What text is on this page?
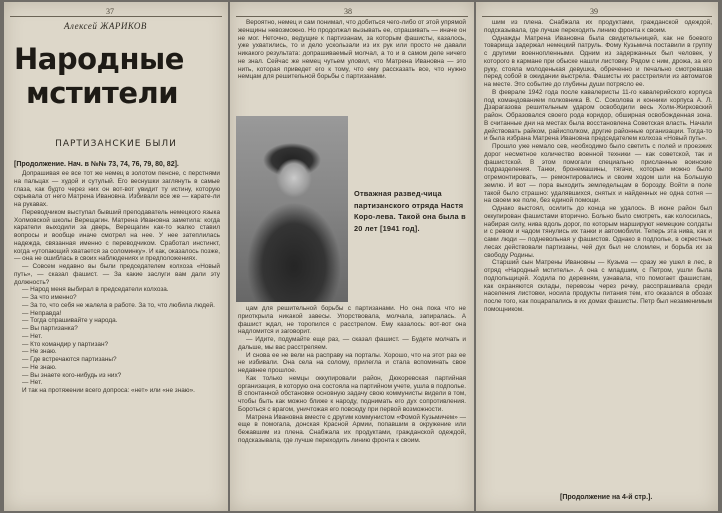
37
Алексей ЖАРИКОВ
Народные
мстители
ПАРТИЗАНСКИЕ БЫЛИ
[Продолжение. Нач. в №№ 73, 74, 76, 79, 80, 82].

Допрашивая ее все тот же немец в золотом пенсне, с перстнями на пальцах — худой и сутулый. Его веснушки заглянуть в самые глаза, как будто через них он вот-вот увидит ту истину, которую скрывала от него Матрена Ивановна. Избивали все же — карате-ли на рукавах.

Переводчиком выступал бывший преподаватель немецкого языка Холмовской школы Верещагин. Матрена Ивановна заметила: когда каратели выходили за дверь, Верещагин как-то жалко ставил вопросы и вообще иначе смотрел на нее. У нее затеплилась надежда, связанная именно с переводчиком. Сработал инстинкт, когда «утопающий хватается за соломинку». И как, оказалось позже, — она не ошиблась в своих наблюдениях и предположениях.

— Совсем недавно вы были председателем колхоза «Новый путь», — сказал фашист. — За какие заслуги вам дали эту должность?

— Народ меня выбирал в председатели колхоза.

— За что именно?

— За то, что себя не жалела в работе. За то, что любила людей.

— Неправда!

— Тогда спрашивайте у народа.

— Вы партизанка?

— Нет.

— Кто командир у партизан?

— Не знаю.

— Где встречаются партизаны?

— Не знаю.

— Вы знаете кого-нибудь из них?

— Нет.

И так на протяжении всего допроса: «нет» или «не знаю».

38

Вероятно, немец и сам понимал, что добиться чего-либо от этой упрямой женщины невозможно. Но продолжал вызывать ее, спрашивать — иначе он не мог. Неточно, ведущие к партизанам, за которым фашисты, казалось, уже ухватились, то и дело ускользали из их рук или просто не давали никакого результата: допрашиваемый молчал, а то и в самом деле ничего не знал. Сейчас же немец чутьем уловил, что Матрена Ивановна — это нить, которая приведет его к тому, что ему рассказать все, что нужно немцам для решительной борьбы с партизанами.

Отважная развед-чица партизанского отряда Настя Коро-лева. Такой она была в 20 лет [1941 год].

цам для решительной борьбы с партизанами. Но она пока что не приоткрыла никакой завесы. Упорствовала, молчала, запиралась. А фашист ждал, не торопился с расстрелом. Ему казалось: вот-вот она надломится и заговорит.

— Идите, подумайте еще раз, — сказал фашист. — Будете молчать и дальше, мы вас расстреляем.

И снова ее не вели на расправу на порталы. Хорошо, что на этот раз ее не избивали. Она села на солому, прилегла и стала вспоминать свое недавнее прошлое.

Как только немцы оккупировали район, Дюкоревская партийная организация, в которую она состояла на партийном учете, ушла в подполье. В спонтанной обстановке основную задачу свою коммунисты видели в том, чтобы быть как можно ближе к народу, поднимать его дух сопротивления. Бороться с врагом, уничтожая его повсюду при первой возможности.

Матрена Ивановна вместе с другим коммунистом «Фомой Кузьмичем» — еще в помогала, донская Красной Армии, попавшим в окружение или бежавшим из плена. Снабжала их продуктами, гражданской одеждой, подсказывала, где лучше переходить линию фронта к своим.

39

шим из плена. Снабжала их продуктами, гражданской одеждой, подсказывала, где лучше переходить линию фронта к своим.

Однажды Матрена Ивановна была свидетельницей, как не боевого товарища задержал немецкий патруль. Фому Кузьмича поставили в группу с другими военнопленными. Одним из задержанных был человек, у которого в кармане при обыске нашли листовку. Рядом с ним, дрожа, за его руку, стояла молоденькая девушка, обреченно и печально смотревшая перед собой в ожидании выстрела. Фашисты их расстреляли из автоматов на месте. Это событие до глубины души потрясло ее.

В феврале 1942 года после кавалеристы 11-го кавалерийского корпуса под командованием полковника В. С. Соколова и конники корпуса А. Л. Дзарагазова решительным ударом освободили весь Холм-Жирковский район. Образовался своего рода коридор, обширная освобожденная зона. В считанные дни на местах была восстановлена Советская власть. Начали действовать райком, райисполком, другие районные организации. Тогда-то и была избрана Матрена Ивановна председателем колхоза «Новый путь».

Прошло уже немало сев, необходимо было светить с полей и проезжих дорог несметное количество военной техники — как советской, так и фашистской. В этом помогали специально присланные воинские подразделения. Танки, бронемашины, тягачи, которые можно было отремонтировать, — ремонтировались и своим ходом шли на Большую землю. И вот — пора выходить земледельцам в борозду. Войти в поле такой было страшно: удалявшихся, снятых и найденных не одна сотня — на своем же поле, без единой помощи.

Однако выстоял, осилить до конца не удалось. В июне район был оккупирован фашистами вторично. Больно было смотреть, как колосилась, набирая силу, нива вдоль дорог, по которым маршируют немецкие солдаты и с ревом и чадом тянулись их танки и автомобили. Теперь эта нива, как и сами люди — подневольная у фашистов. Однако в подполье, в окрестных лесах действовали партизаны, чей дух был не сломлен, и борьба их за свободу Родины.

Старший сын Матрены Ивановны — Кузьма — сразу же ушел в лес, в отряд «Народный мститель». А она с младшим, с Петром, ушли была подпольщицей. Ходила по деревням, узнавала, что помогает фашистам, как охраняются склады, перевозы через речку, расспрашивала среди населения листовки, носила продукты питания тем, кто оказался в обозах после того, как поцарапались в их домах фашисты. Петр был незаменимым помощником.

[Продолжение на 4-й стр.].
